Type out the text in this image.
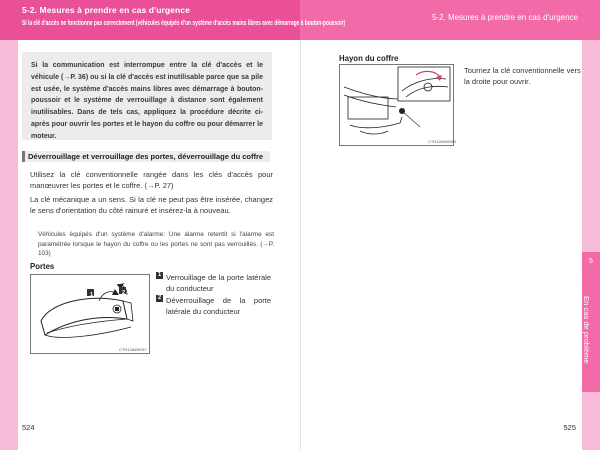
5-2. Mesures à prendre en cas d'urgence
Si la clé d'accès ne fonctionne pas correctement (véhicules équipés d'un système d'accès mains libres avec démarrage à bouton-poussoir)
5-2. Mesures à prendre en cas d'urgence
5
En cas de problème
Si la communication est interrompue entre la clé d'accès et le véhicule (→P. 36) ou si la clé d'accès est inutilisable parce que sa pile est usée, le système d'accès mains libres avec démarrage à bouton-poussoir et le système de verrouillage à distance sont également inutilisables. Dans de tels cas, appliquez la procédure décrite ci-après pour ouvrir les portes et le hayon du coffre ou pour démarrer le moteur.
Déverrouillage et verrouillage des portes, déverrouillage du coffre
Utilisez la clé conventionnelle rangée dans les clés d'accès pour manœuvrer les portes et le coffre. (→P. 27)
La clé mécanique a un sens. Si la clé ne peut pas être insérée, changez le sens d'orientation du côté rainuré et insérez-la à nouveau.
Véhicules équipés d'un système d'alarme: Une alarme retentit si l'alarme est paramétrée lorsque le hayon du coffre ou les portes ne sont pas verrouillés. (→P. 103)
Portes
1	2
CTH12AW0047
1 Verrouillage de la porte latérale du conducteur
2 Déverrouillage de la porte latérale du conducteur
524
Hayon du coffre
CTH12AW0059
Tournez la clé conventionnelle vers la droite pour ouvrir.
525
